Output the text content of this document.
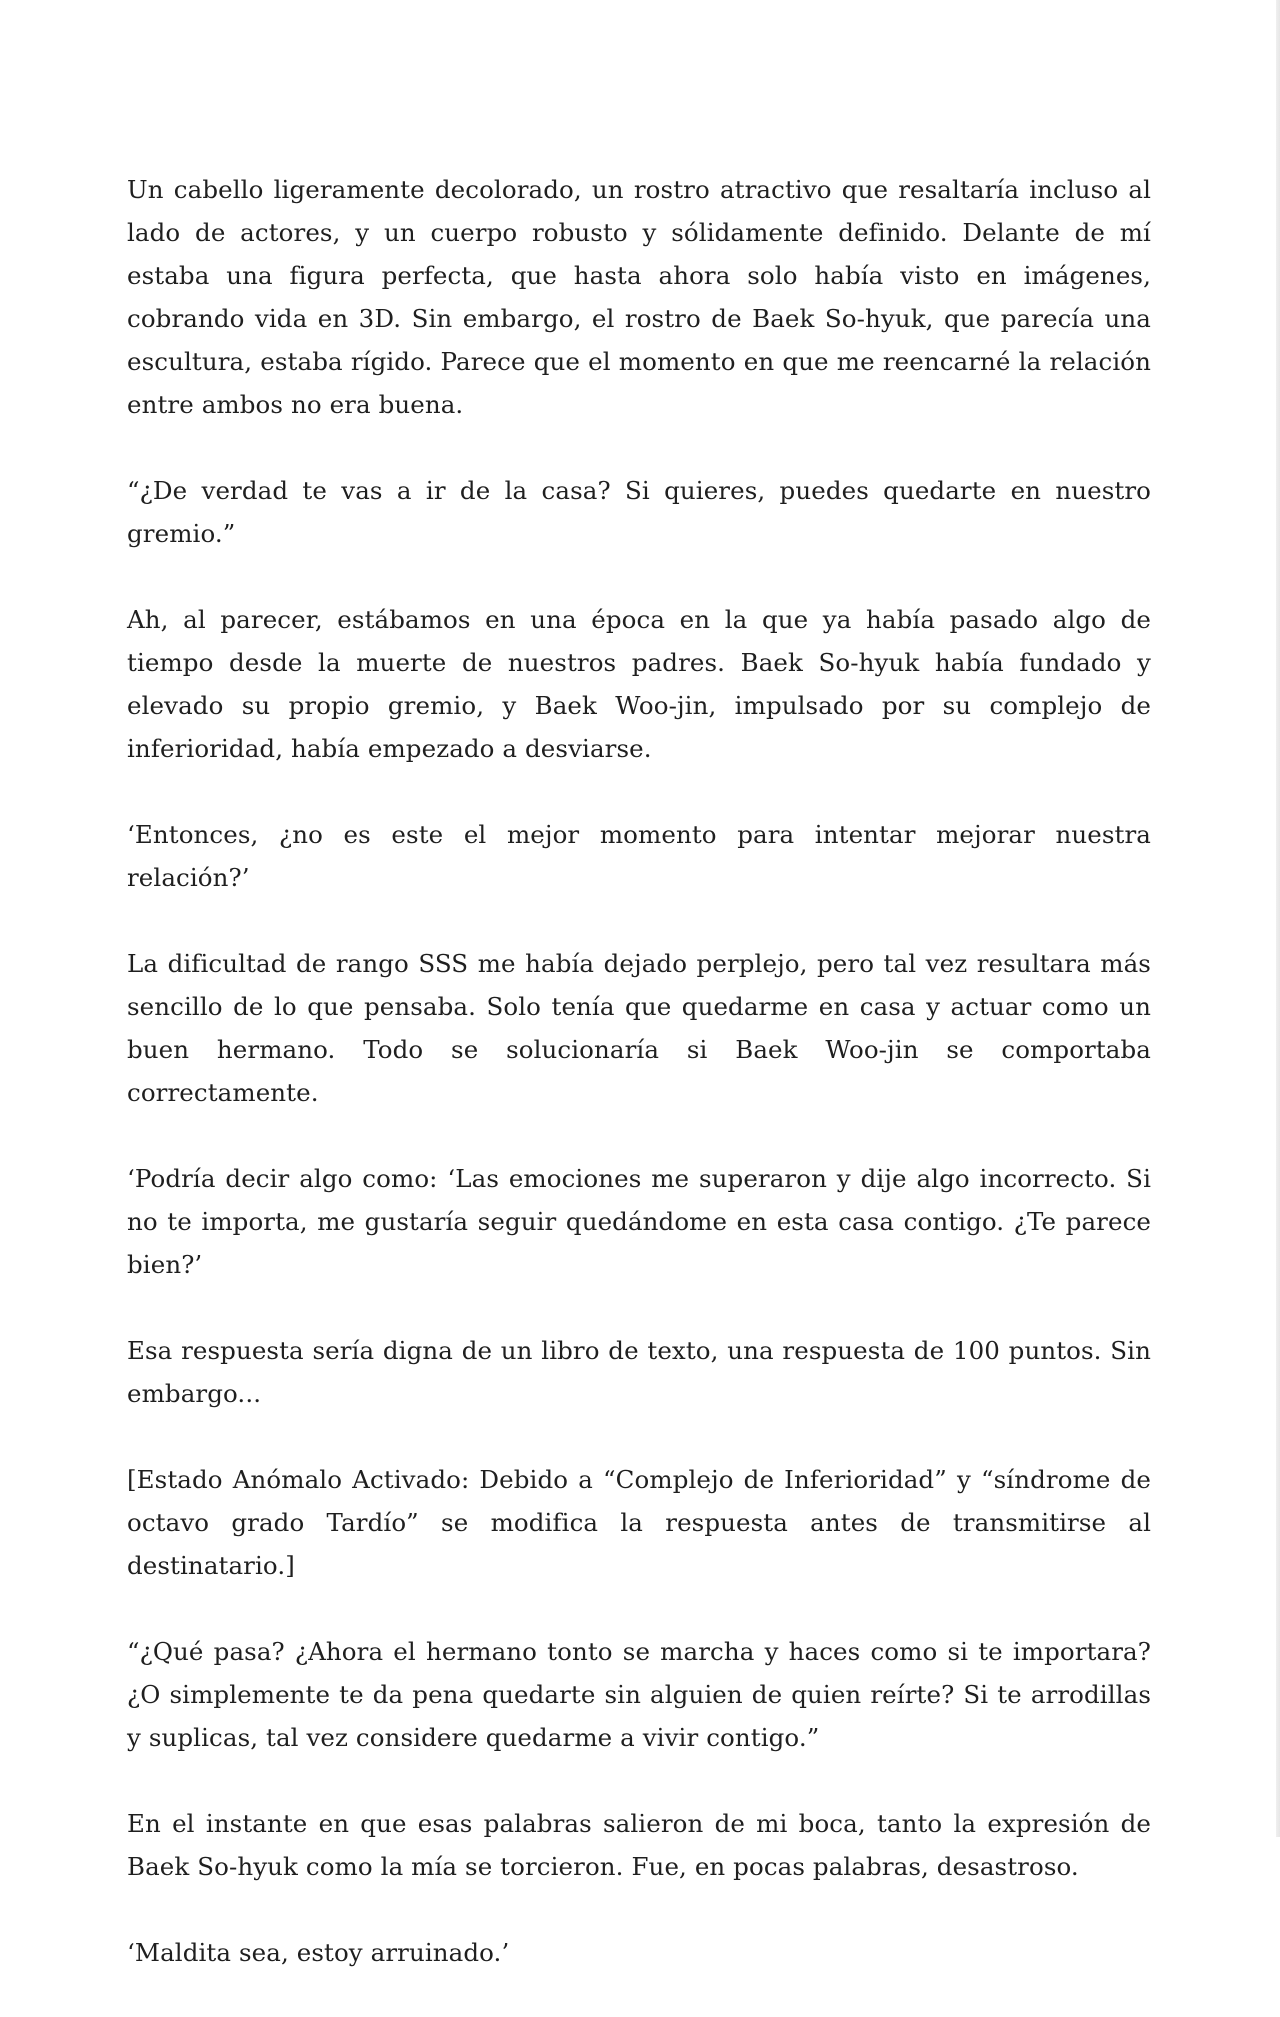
Un cabello ligeramente decolorado, un rostro atractivo que resaltaría incluso al lado de actores, y un cuerpo robusto y sólidamente definido. Delante de mí estaba una figura perfecta, que hasta ahora solo había visto en imágenes, cobrando vida en 3D. Sin embargo, el rostro de Baek So-hyuk, que parecía una escultura, estaba rígido. Parece que el momento en que me reencarné la relación entre ambos no era buena.

“¿De verdad te vas a ir de la casa? Si quieres, puedes quedarte en nuestro gremio.”

Ah, al parecer, estábamos en una época en la que ya había pasado algo de tiempo desde la muerte de nuestros padres. Baek So-hyuk había fundado y elevado su propio gremio, y Baek Woo-jin, impulsado por su complejo de inferioridad, había empezado a desviarse.

‘Entonces, ¿no es este el mejor momento para intentar mejorar nuestra relación?’

La dificultad de rango SSS me había dejado perplejo, pero tal vez resultara más sencillo de lo que pensaba. Solo tenía que quedarme en casa y actuar como un buen hermano. Todo se solucionaría si Baek Woo-jin se comportaba correctamente.

‘Podría decir algo como: ‘Las emociones me superaron y dije algo incorrecto. Si no te importa, me gustaría seguir quedándome en esta casa contigo. ¿Te parece bien?’

Esa respuesta sería digna de un libro de texto, una respuesta de 100 puntos. Sin embargo...

[Estado Anómalo Activado: Debido a “Complejo de Inferioridad” y “síndrome de octavo grado Tardío” se modifica la respuesta antes de transmitirse al destinatario.]

“¿Qué pasa? ¿Ahora el hermano tonto se marcha y haces como si te importara? ¿O simplemente te da pena quedarte sin alguien de quien reírte? Si te arrodillas y suplicas, tal vez considere quedarme a vivir contigo.”

En el instante en que esas palabras salieron de mi boca, tanto la expresión de Baek So-hyuk como la mía se torcieron. Fue, en pocas palabras, desastroso.

‘Maldita sea, estoy arruinado.’
